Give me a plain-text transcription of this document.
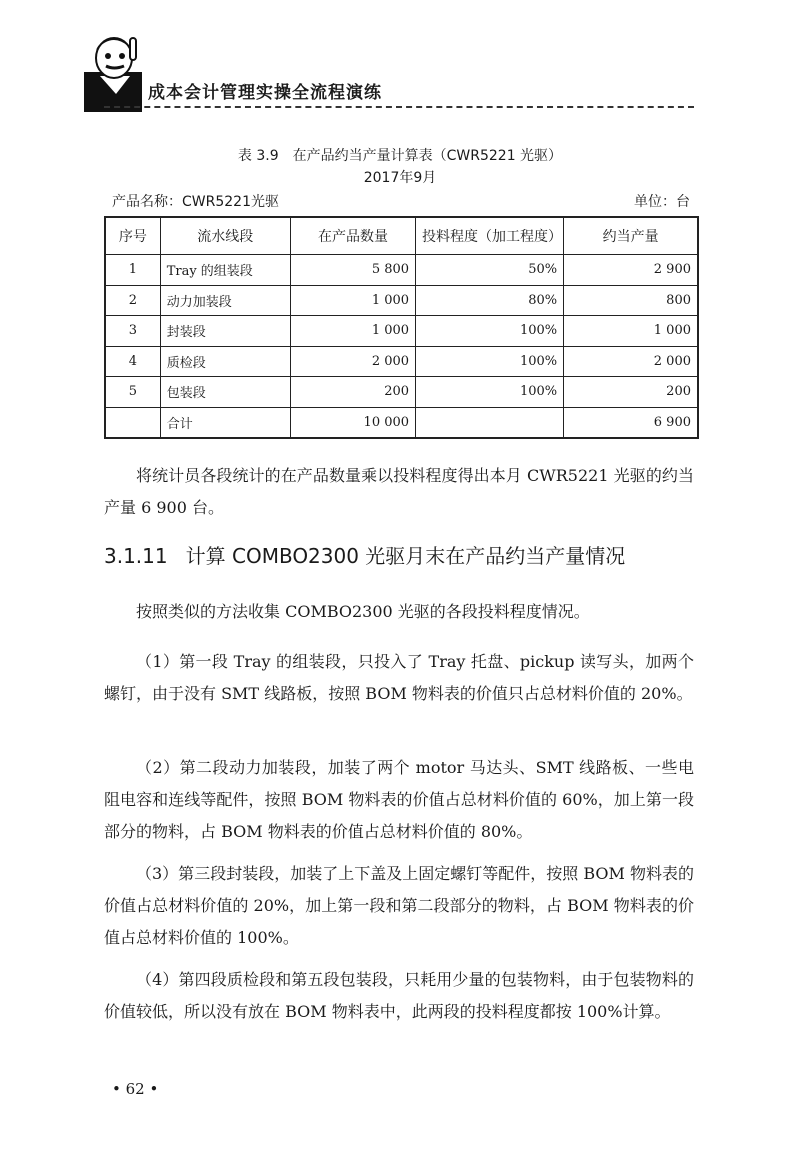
成本会计管理实操全流程演练
表 3.9　在产品约当产量计算表（CWR5221 光驱）
2017年9月
产品名称：CWR5221光驱	单位：台
序号	流水线段	在产品数量	投料程度（加工程度）	约当产量
1	Tray 的组装段	5 800	50%	2 900
2	动力加装段	1 000	80%	800
3	封装段	1 000	100%	1 000
4	质检段	2 000	100%	2 000
5	包装段	200	100%	200
	合计	10 000		6 900
将统计员各段统计的在产品数量乘以投料程度得出本月 CWR5221 光驱的约当产量 6 900 台。
3.1.11 计算 COMBO2300 光驱月末在产品约当产量情况
按照类似的方法收集 COMBO2300 光驱的各段投料程度情况。
（1）第一段 Tray 的组装段，只投入了 Tray 托盘、pickup 读写头，加两个螺钉，由于没有 SMT 线路板，按照 BOM 物料表的价值只占总材料价值的 20%。
（2）第二段动力加装段，加装了两个 motor 马达头、SMT 线路板、一些电阻电容和连线等配件，按照 BOM 物料表的价值占总材料价值的 60%，加上第一段部分的物料，占 BOM 物料表的价值占总材料价值的 80%。
（3）第三段封装段，加装了上下盖及上固定螺钉等配件，按照 BOM 物料表的价值占总材料价值的 20%，加上第一段和第二段部分的物料，占 BOM 物料表的价值占总材料价值的 100%。
（4）第四段质检段和第五段包装段，只耗用少量的包装物料，由于包装物料的价值较低，所以没有放在 BOM 物料表中，此两段的投料程度都按 100%计算。
• 62 •
